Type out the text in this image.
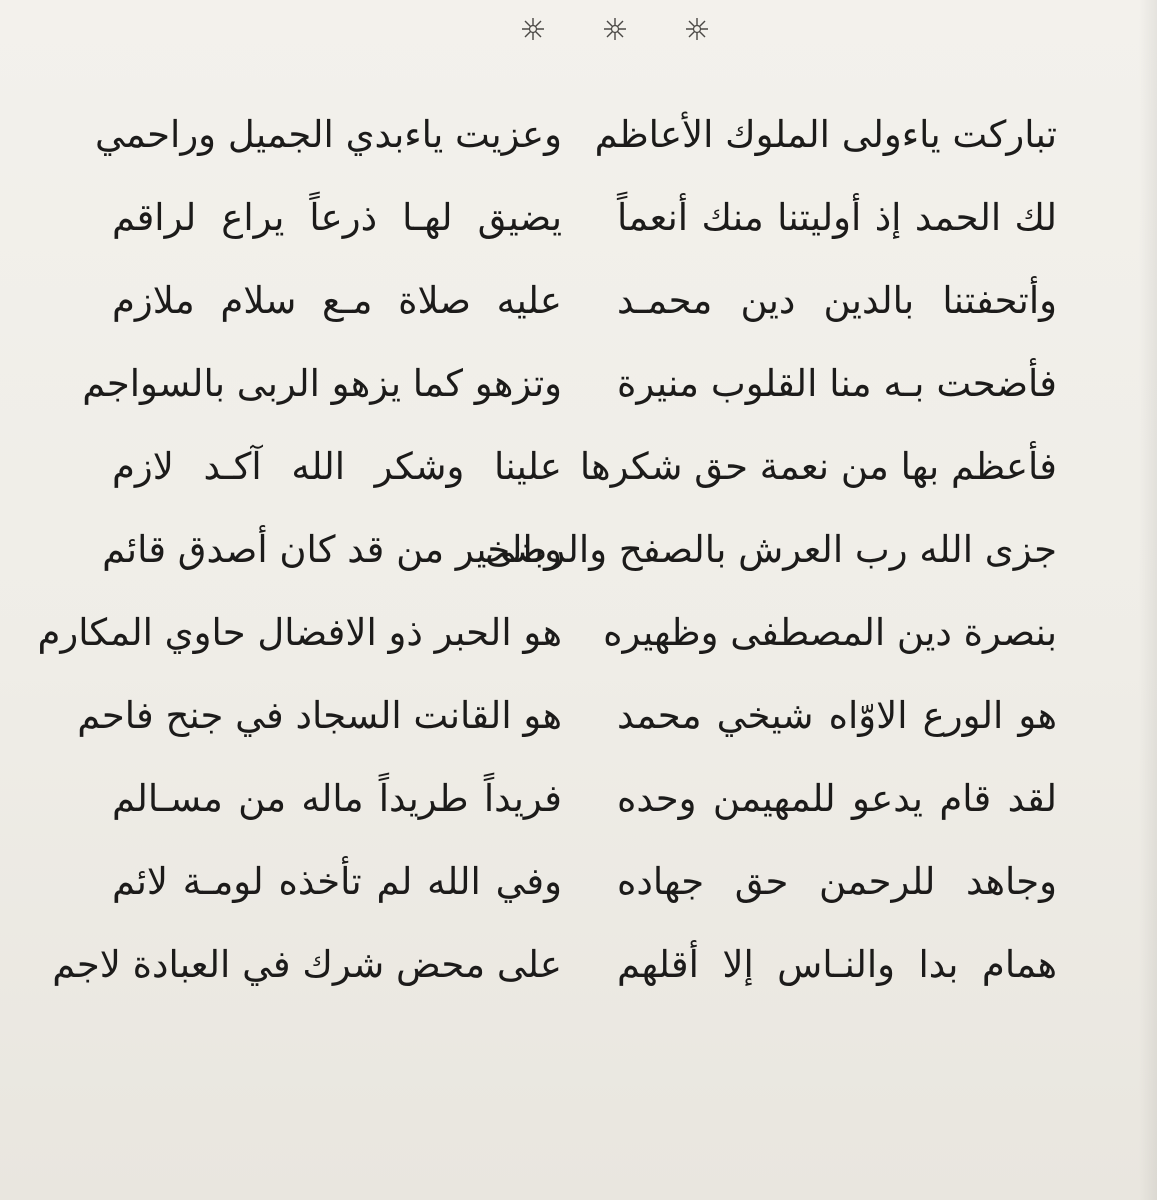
تباركت ياءولى الملوك الأعاظم
وعزيت ياءبدي الجميل وراحمي
لك الحمد إذ أوليتنا منك أنعماً
يضيق لهـا ذرعاً يراع لراقم
وأتحفتنا بالدين دين محمـد
عليه صلاة مـع سلام ملازم
فأضحت بـه منا القلوب منيرة
وتزهو كما يزهو الربى بالسواجم
فأعظم بها من نعمة حق شكرها
علينا وشكر الله آكـد لازم
جزى الله رب العرش بالصفح والرضى
وبالخير من قد كان أصدق قائم
بنصرة دين المصطفى وظهيره
هو الحبر ذو الافضال حاوي المكارم
هو الورع الاوّاه شيخي محمد
هو القانت السجاد في جنح فاحم
لقد قام يدعو للمهيمن وحده
فريداً طريداً ماله من مسـالم
وجاهد للرحمن حق جهاده
وفي الله لم تأخذه لومـة لائم
همام بدا والنـاس إلا أقلهم
على محض شرك في العبادة لاجم
